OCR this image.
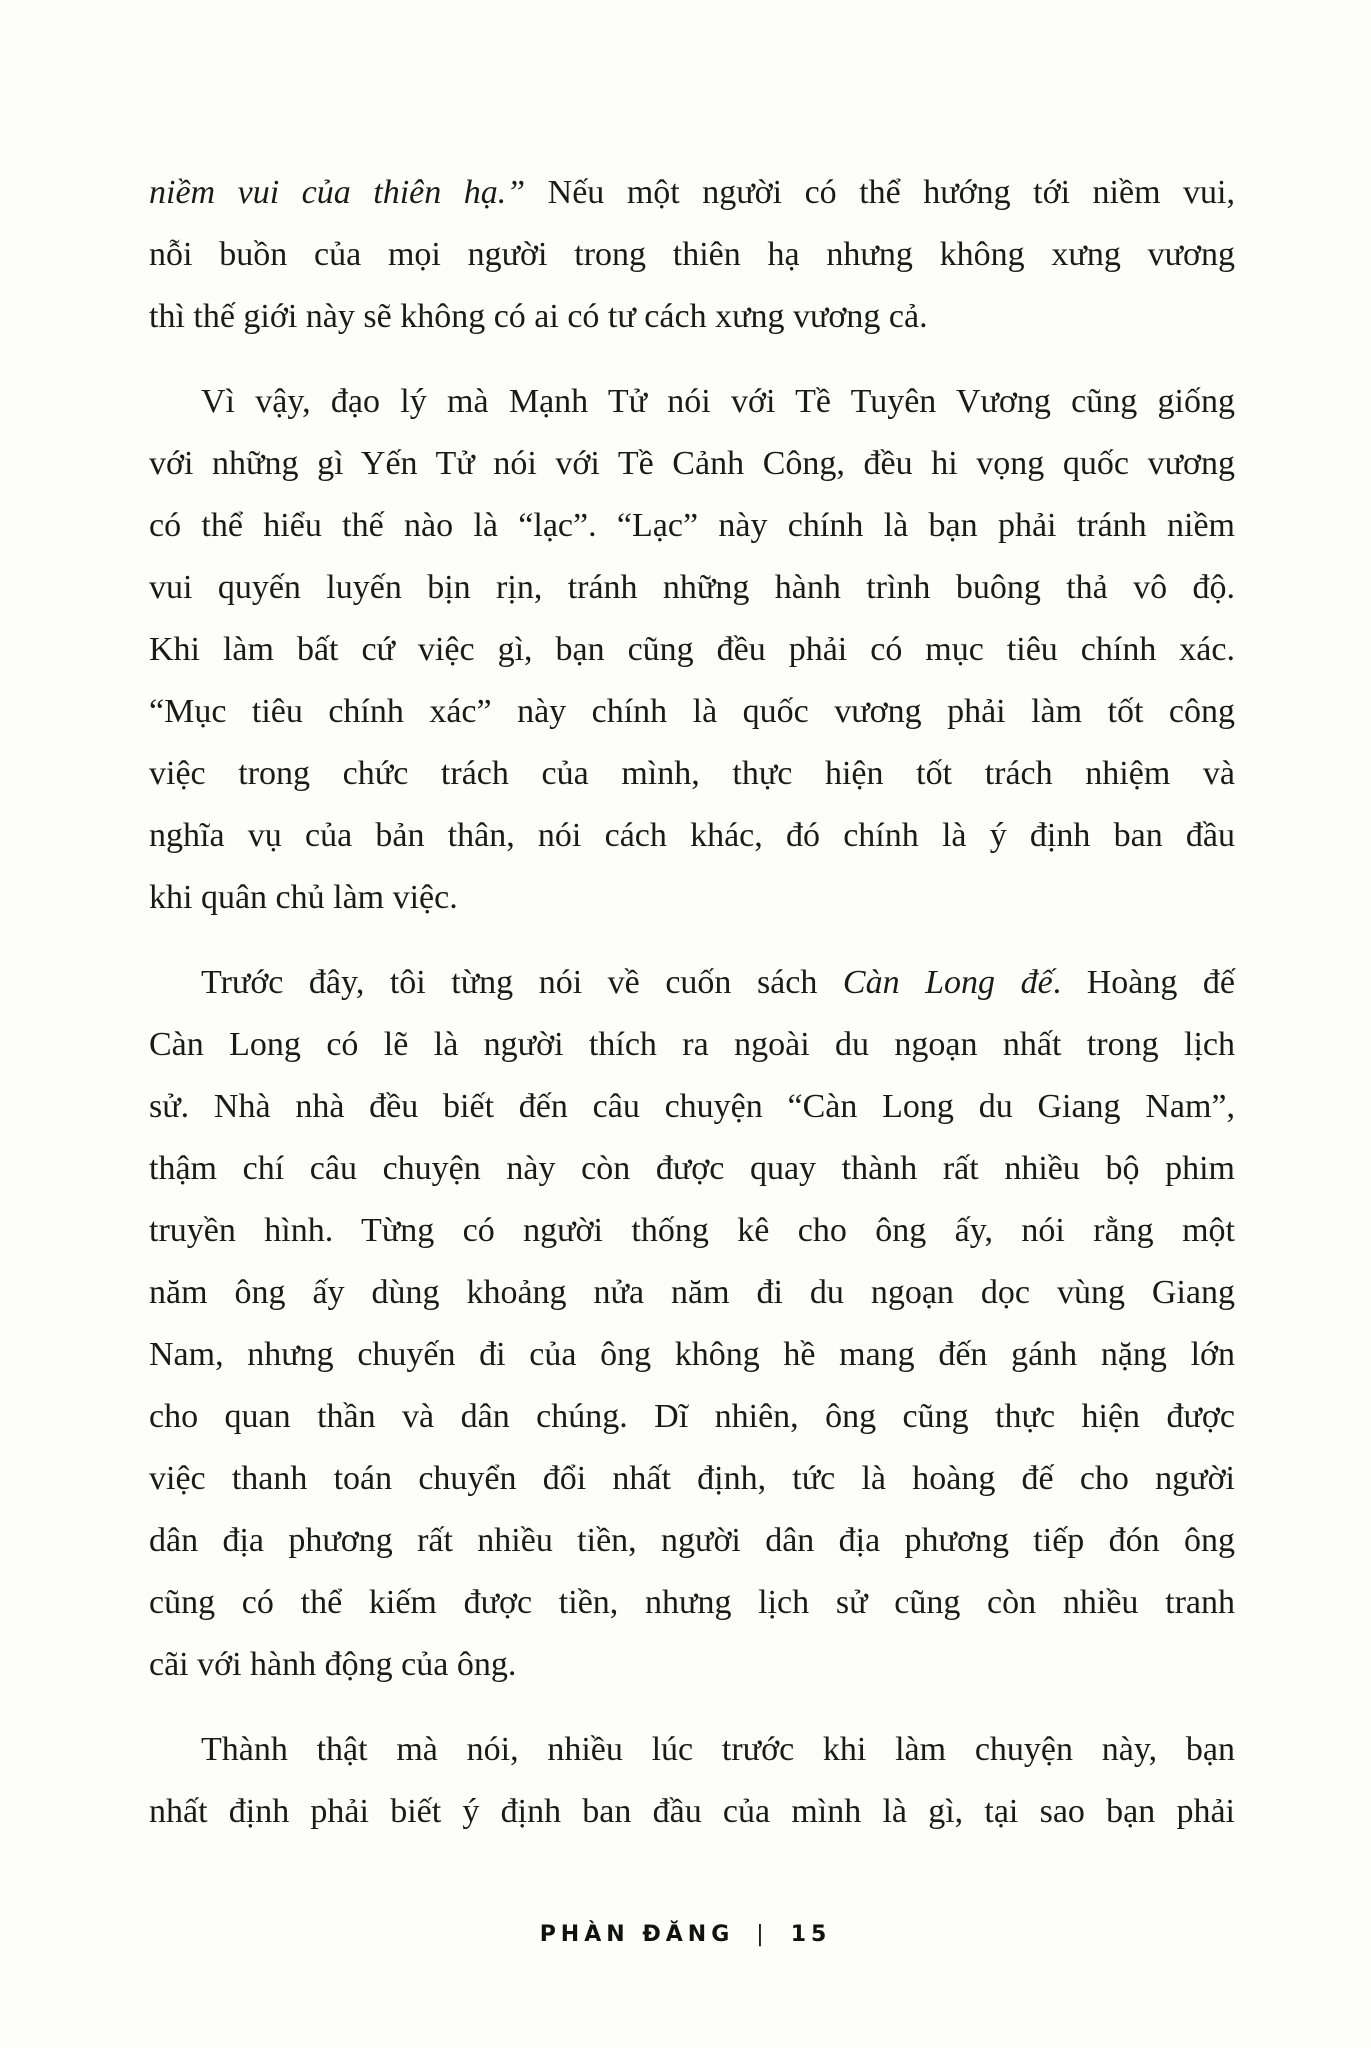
niềm vui của thiên hạ.” Nếu một người có thể hướng tới niềm vui,
nỗi buồn của mọi người trong thiên hạ nhưng không xưng vương
thì thế giới này sẽ không có ai có tư cách xưng vương cả.
Vì vậy, đạo lý mà Mạnh Tử nói với Tề Tuyên Vương cũng giống
với những gì Yến Tử nói với Tề Cảnh Công, đều hi vọng quốc vương
có thể hiểu thế nào là “lạc”. “Lạc” này chính là bạn phải tránh niềm
vui quyến luyến bịn rịn, tránh những hành trình buông thả vô độ.
Khi làm bất cứ việc gì, bạn cũng đều phải có mục tiêu chính xác.
“Mục tiêu chính xác” này chính là quốc vương phải làm tốt công
việc trong chức trách của mình, thực hiện tốt trách nhiệm và
nghĩa vụ của bản thân, nói cách khác, đó chính là ý định ban đầu
khi quân chủ làm việc.
Trước đây, tôi từng nói về cuốn sách Càn Long đế. Hoàng đế
Càn Long có lẽ là người thích ra ngoài du ngoạn nhất trong lịch
sử. Nhà nhà đều biết đến câu chuyện “Càn Long du Giang Nam”,
thậm chí câu chuyện này còn được quay thành rất nhiều bộ phim
truyền hình. Từng có người thống kê cho ông ấy, nói rằng một
năm ông ấy dùng khoảng nửa năm đi du ngoạn dọc vùng Giang
Nam, nhưng chuyến đi của ông không hề mang đến gánh nặng lớn
cho quan thần và dân chúng. Dĩ nhiên, ông cũng thực hiện được
việc thanh toán chuyển đổi nhất định, tức là hoàng đế cho người
dân địa phương rất nhiều tiền, người dân địa phương tiếp đón ông
cũng có thể kiếm được tiền, nhưng lịch sử cũng còn nhiều tranh
cãi với hành động của ông.
Thành thật mà nói, nhiều lúc trước khi làm chuyện này, bạn
nhất định phải biết ý định ban đầu của mình là gì, tại sao bạn phải
PHÀN ĐĂNG | 15
